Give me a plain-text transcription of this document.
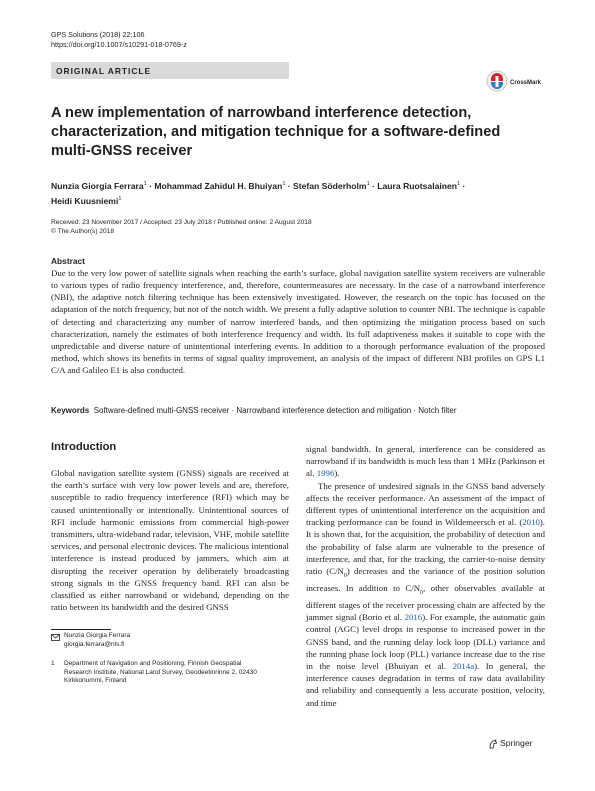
GPS Solutions (2018) 22:106
https://doi.org/10.1007/s10291-018-0769-z
ORIGINAL ARTICLE
CrossMark
A new implementation of narrowband interference detection, characterization, and mitigation technique for a software-defined multi-GNSS receiver
Nunzia Giorgia Ferrara$^1$ · Mohammad Zahidul H. Bhuiyan$^1$ · Stefan Söderholm$^1$ · Laura Ruotsalainen$^1$ ·
Heidi Kuusniemi$^1$
Received: 23 November 2017 / Accepted: 23 July 2018 / Published online: 2 August 2018
© The Author(s) 2018
Abstract
Due to the very low power of satellite signals when reaching the earth’s surface, global navigation satellite system receivers are vulnerable to various types of radio frequency interference, and, therefore, countermeasures are necessary. In the case of a narrowband interference (NBI), the adaptive notch filtering technique has been extensively investigated. However, the research on the topic has focused on the adaptation of the notch frequency, but not of the notch width. We present a fully adaptive solution to counter NBI. The technique is capable of detecting and characterizing any number of narrow interfered bands, and then optimizing the mitigation process based on such characterization, namely the estimates of both interference frequency and width. Its full adaptiveness makes it suitable to cope with the unpredictable and diverse nature of unintentional interfering events. In addition to a thorough performance evaluation of the proposed method, which shows its benefits in terms of signal quality improvement, an analysis of the impact of different NBI profiles on GPS L1 C/A and Galileo E1 is also conducted.
Keywords Software-defined multi-GNSS receiver · Narrowband interference detection and mitigation · Notch filter
Introduction

Global navigation satellite system (GNSS) signals are received at the earth’s surface with very low power levels and are, therefore, susceptible to radio frequency interference (RFI) which may be caused unintentionally or intentionally. Unintentional sources of RFI include harmonic emissions from commercial high-power transmitters, ultra-wideband radar, television, VHF, mobile satellite services, and personal electronic devices. The malicious intentional interference is instead produced by jammers, which aim at disrupting the receiver operation by deliberately broadcasting strong signals in the GNSS frequency band. RFI can also be classified as either narrowband or wideband, depending on the ratio between its bandwidth and the desired GNSS

signal bandwidth. In general, interference can be considered as narrowband if its bandwidth is much less than 1 MHz (Parkinson et al. 1996).

The presence of undesired signals in the GNSS band adversely affects the receiver performance. An assessment of the impact of different types of unintentional interference on the acquisition and tracking performance can be found in Wildemeersch et al. (2010). It is shown that, for the acquisition, the probability of detection and the probability of false alarm are vulnerable to the presence of interference, and that, for the tracking, the carrier-to-noise density ratio $(C/N_0)$ decreases and the variance of the position solution increases. In addition to $C/N_0$, other observables available at different stages of the receiver processing chain are affected by the jammer signal (Borio et al. 2016). For example, the automatic gain control (AGC) level drops in response to increased power in the GNSS band, and the running delay lock loop (DLL) variance and the running phase lock loop (PLL) variance increase due to the rise in the noise level (Bhuiyan et al. 2014a). In general, the interference causes degradation in terms of raw data availability and reliability and consequently a less accurate position, velocity, and time

Nunzia Giorgia Ferrara
giorgia.ferrara@nls.fi
1 Department of Navigation and Positioning, Finnish Geospatial Research Institute, National Land Survey, Geodeetinrinne 2, 02430 Kirkkonummi, Finland
Springer
